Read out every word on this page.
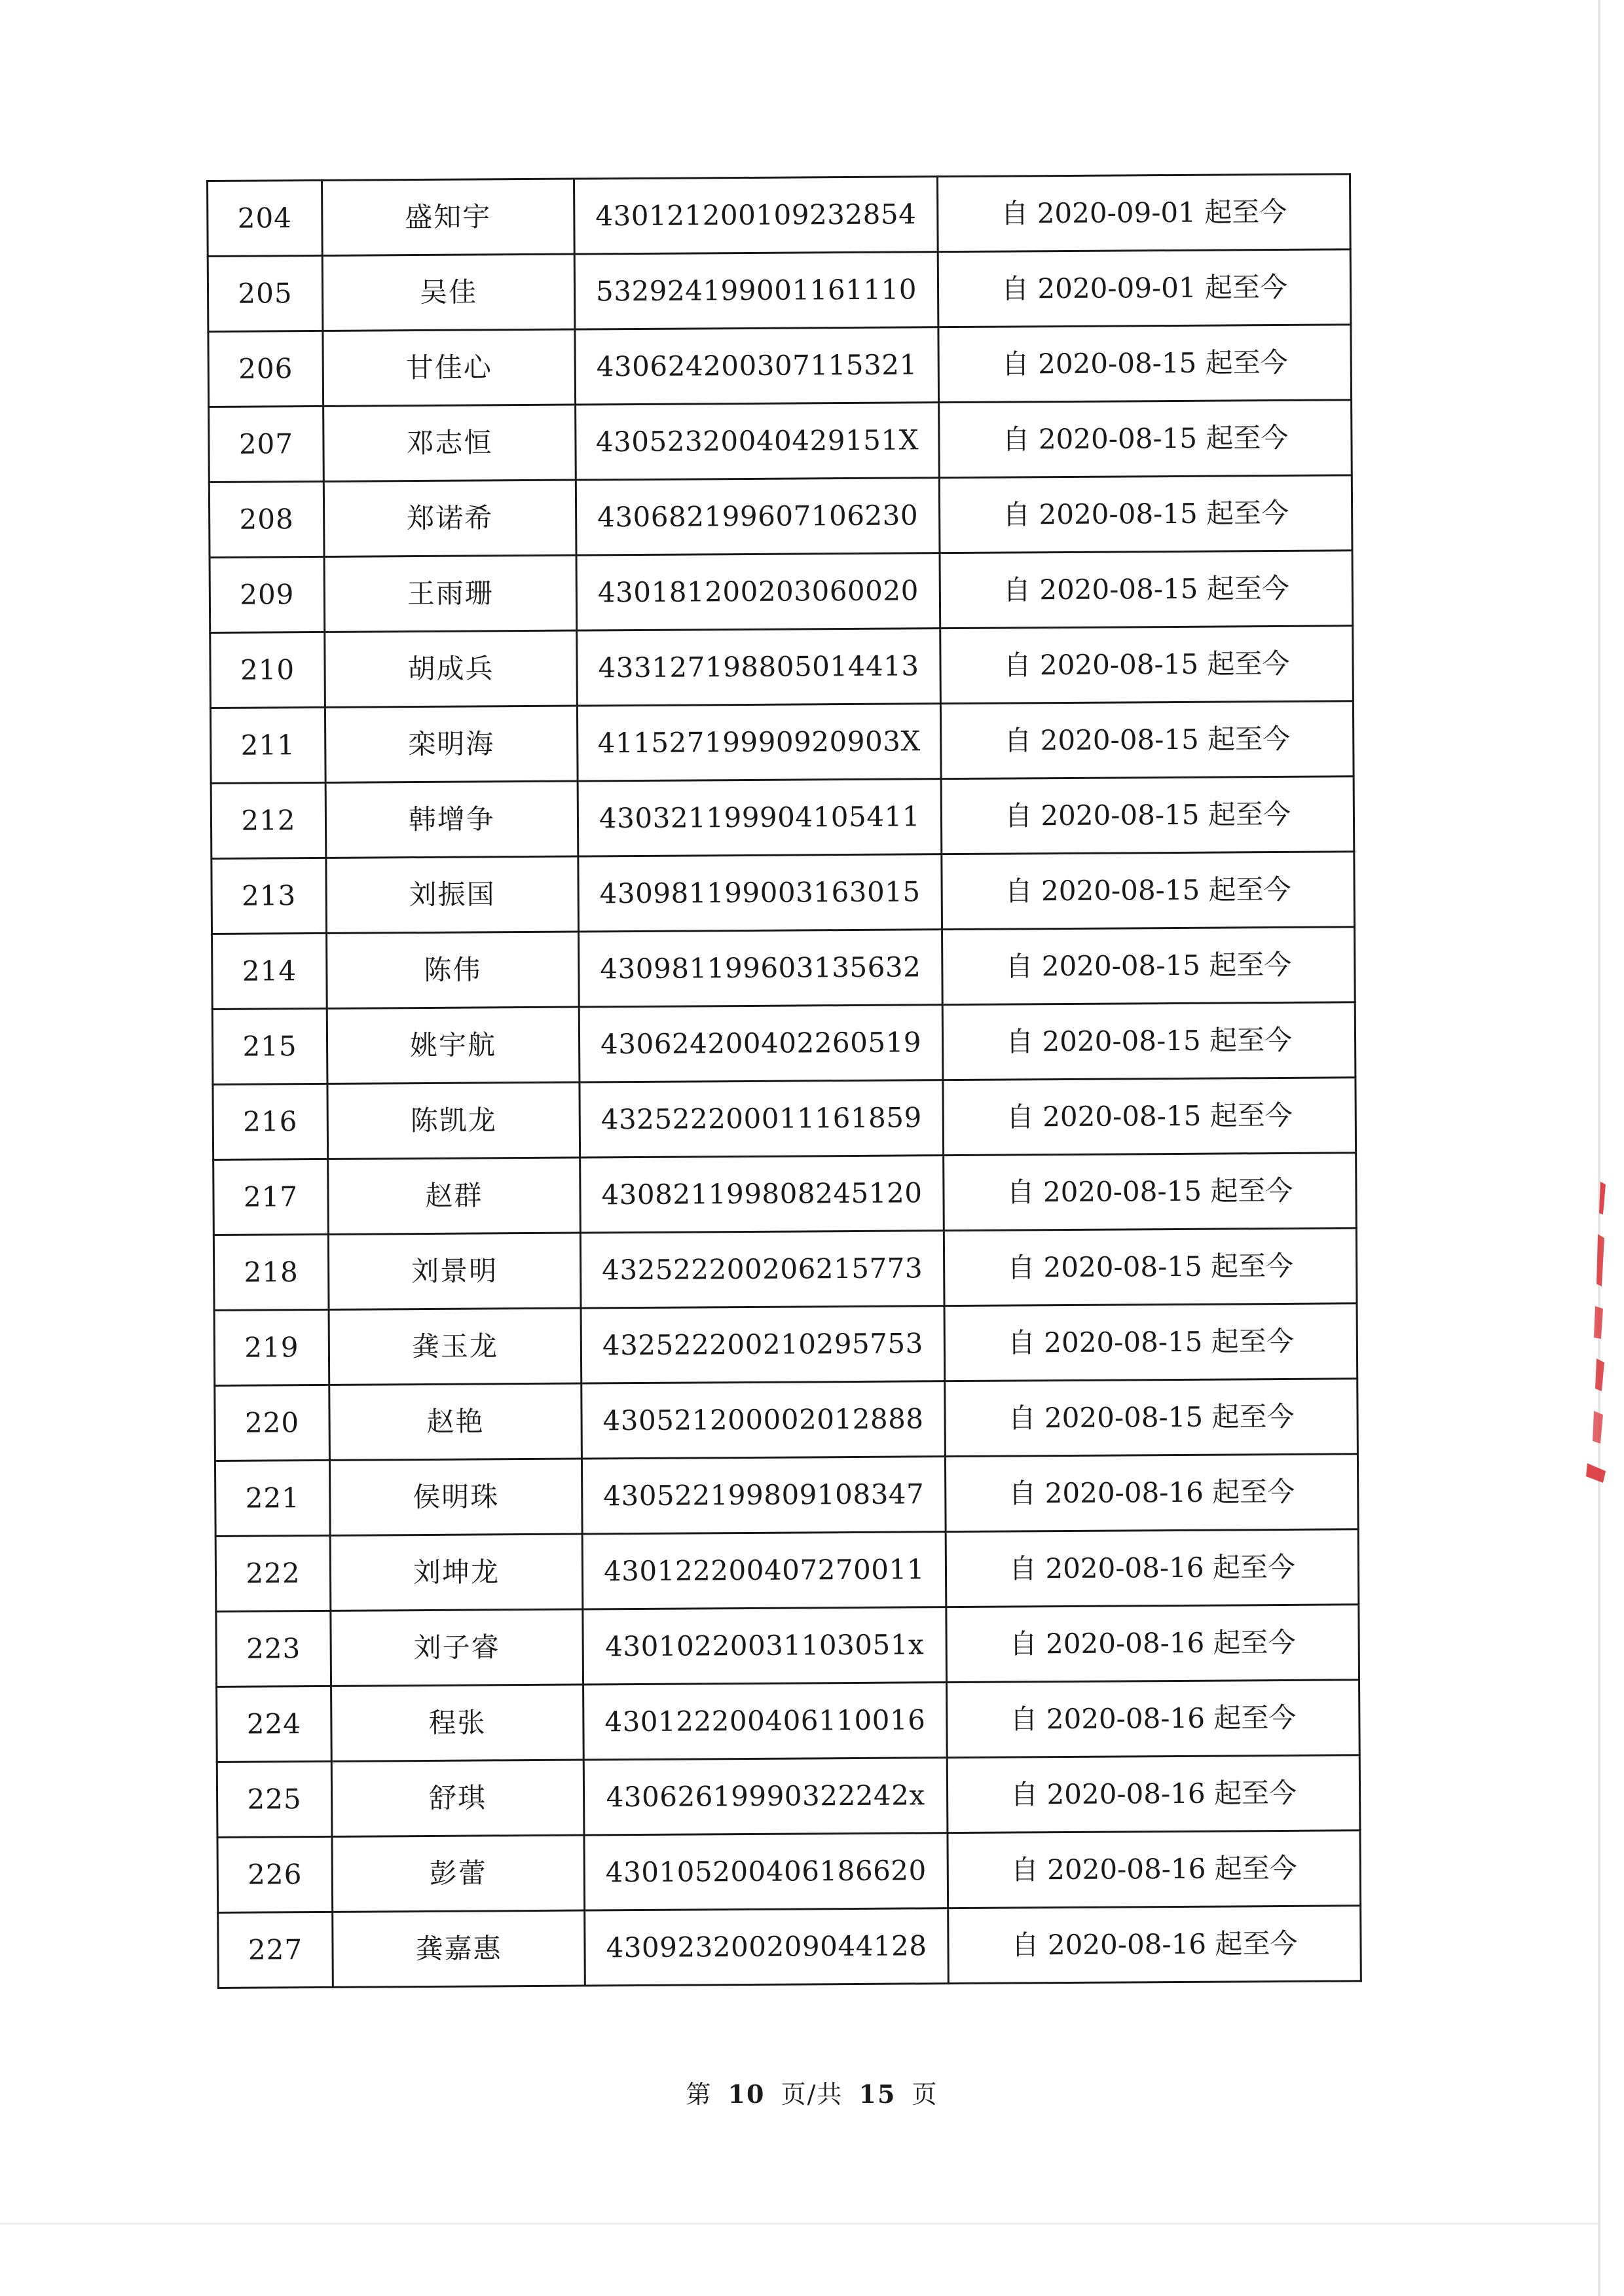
204	盛知宇	430121200109232854	自 2020-09-01 起至今
205	吴佳	532924199001161110	自 2020-09-01 起至今
206	甘佳心	430624200307115321	自 2020-08-15 起至今
207	邓志恒	43052320040429151X	自 2020-08-15 起至今
208	郑诺希	430682199607106230	自 2020-08-15 起至今
209	王雨珊	430181200203060020	自 2020-08-15 起至今
210	胡成兵	433127198805014413	自 2020-08-15 起至今
211	栾明海	41152719990920903X	自 2020-08-15 起至今
212	韩增争	430321199904105411	自 2020-08-15 起至今
213	刘振国	430981199003163015	自 2020-08-15 起至今
214	陈伟	430981199603135632	自 2020-08-15 起至今
215	姚宇航	430624200402260519	自 2020-08-15 起至今
216	陈凯龙	432522200011161859	自 2020-08-15 起至今
217	赵群	430821199808245120	自 2020-08-15 起至今
218	刘景明	432522200206215773	自 2020-08-15 起至今
219	龚玉龙	432522200210295753	自 2020-08-15 起至今
220	赵艳	430521200002012888	自 2020-08-15 起至今
221	侯明珠	430522199809108347	自 2020-08-16 起至今
222	刘坤龙	430122200407270011	自 2020-08-16 起至今
223	刘子睿	43010220031103051x	自 2020-08-16 起至今
224	程张	430122200406110016	自 2020-08-16 起至今
225	舒琪	43062619990322242x	自 2020-08-16 起至今
226	彭蕾	430105200406186620	自 2020-08-16 起至今
227	龚嘉惠	430923200209044128	自 2020-08-16 起至今
第 10 页/共 15 页
